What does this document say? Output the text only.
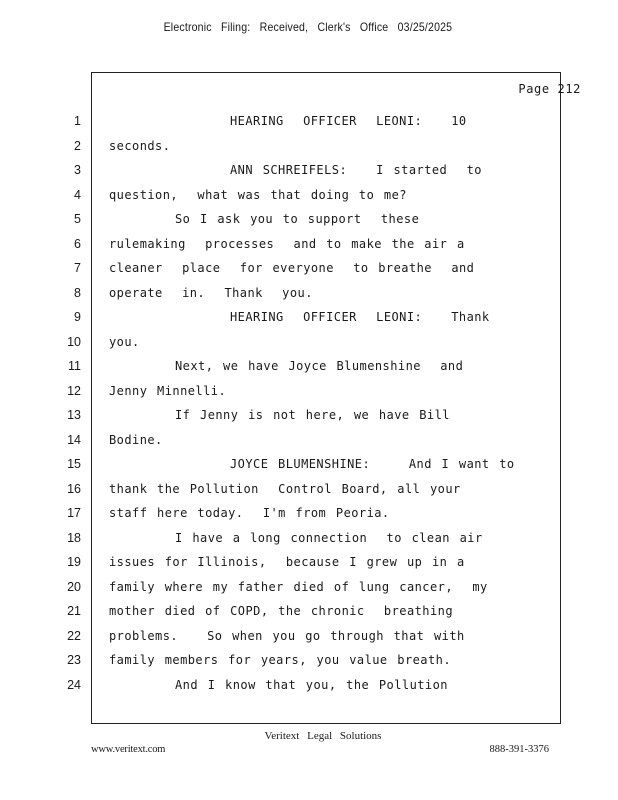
Electronic Filing: Received, Clerk's Office 03/25/2025
Page 212
1	HEARING  OFFICER  LEONI:   10
2 seconds.
3	ANN SCHREIFELS:   I started  to
4 question,  what was that doing to me?
5	So I ask you to support  these
6 rulemaking  processes  and to make the air a
7 cleaner  place  for everyone  to breathe  and
8 operate  in.  Thank  you.
9	HEARING  OFFICER  LEONI:   Thank
10 you.
11	Next, we have Joyce Blumenshine  and
12 Jenny Minnelli.
13	If Jenny is not here, we have Bill
14 Bodine.
15	JOYCE BLUMENSHINE:    And I want to
16 thank the Pollution  Control Board, all your
17 staff here today.  I'm from Peoria.
18	I have a long connection  to clean air
19 issues for Illinois,  because I grew up in a
20 family where my father died of lung cancer,  my
21 mother died of COPD, the chronic  breathing
22 problems.   So when you go through that with
23 family members for years, you value breath.
24	And I know that you, the Pollution
Veritext Legal Solutions
www.veritext.com	888-391-3376
